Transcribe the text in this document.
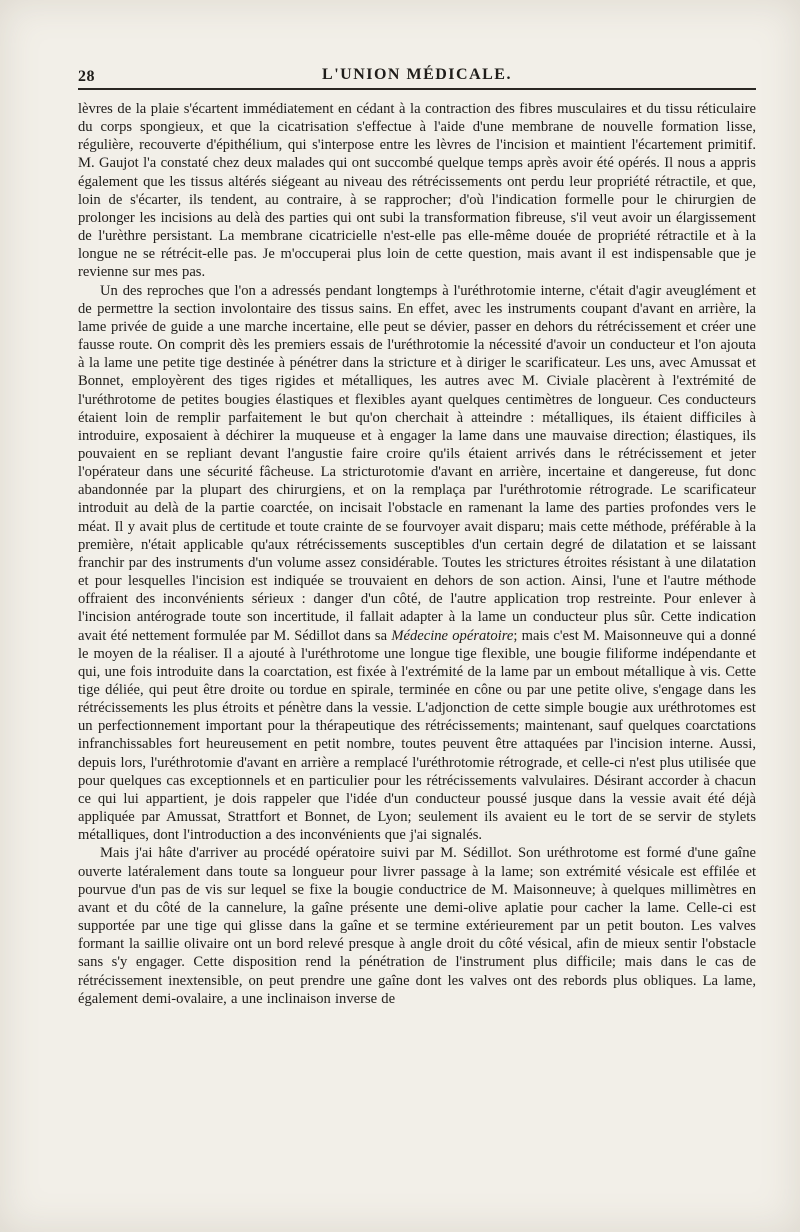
28	L'UNION MÉDICALE.

lèvres de la plaie s'écartent immédiatement en cédant à la contraction des fibres musculaires et du tissu réticulaire du corps spongieux, et que la cicatrisation s'effectue à l'aide d'une membrane de nouvelle formation lisse, régulière, recouverte d'épithélium, qui s'interpose entre les lèvres de l'incision et maintient l'écartement primitif. M. Gaujot l'a constaté chez deux malades qui ont succombé quelque temps après avoir été opérés. Il nous a appris également que les tissus altérés siégeant au niveau des rétrécissements ont perdu leur propriété rétractile, et que, loin de s'écarter, ils tendent, au contraire, à se rapprocher; d'où l'indication formelle pour le chirurgien de prolonger les incisions au delà des parties qui ont subi la transformation fibreuse, s'il veut avoir un élargissement de l'urèthre persistant. La membrane cicatricielle n'est-elle pas elle-même douée de propriété rétractile et à la longue ne se rétrécit-elle pas. Je m'occuperai plus loin de cette question, mais avant il est indispensable que je revienne sur mes pas.

Un des reproches que l'on a adressés pendant longtemps à l'uréthrotomie interne, c'était d'agir aveuglément et de permettre la section involontaire des tissus sains. En effet, avec les instruments coupant d'avant en arrière, la lame privée de guide a une marche incertaine, elle peut se dévier, passer en dehors du rétrécissement et créer une fausse route. On comprit dès les premiers essais de l'uréthrotomie la nécessité d'avoir un conducteur et l'on ajouta à la lame une petite tige destinée à pénétrer dans la stricture et à diriger le scarificateur. Les uns, avec Amussat et Bonnet, employèrent des tiges rigides et métalliques, les autres avec M. Civiale placèrent à l'extrémité de l'uréthrotome de petites bougies élastiques et flexibles ayant quelques centimètres de longueur. Ces conducteurs étaient loin de remplir parfaitement le but qu'on cherchait à atteindre : métalliques, ils étaient difficiles à introduire, exposaient à déchirer la muqueuse et à engager la lame dans une mauvaise direction; élastiques, ils pouvaient en se repliant devant l'angustie faire croire qu'ils étaient arrivés dans le rétrécissement et jeter l'opérateur dans une sécurité fâcheuse. La stricturotomie d'avant en arrière, incertaine et dangereuse, fut donc abandonnée par la plupart des chirurgiens, et on la remplaça par l'uréthrotomie rétrograde. Le scarificateur introduit au delà de la partie coarctée, on incisait l'obstacle en ramenant la lame des parties profondes vers le méat. Il y avait plus de certitude et toute crainte de se fourvoyer avait disparu; mais cette méthode, préférable à la première, n'était applicable qu'aux rétrécissements susceptibles d'un certain degré de dilatation et se laissant franchir par des instruments d'un volume assez considérable. Toutes les strictures étroites résistant à une dilatation et pour lesquelles l'incision est indiquée se trouvaient en dehors de son action. Ainsi, l'une et l'autre méthode offraient des inconvénients sérieux : danger d'un côté, de l'autre application trop restreinte. Pour enlever à l'incision antérograde toute son incertitude, il fallait adapter à la lame un conducteur plus sûr. Cette indication avait été nettement formulée par M. Sédillot dans sa Médecine opératoire; mais c'est M. Maisonneuve qui a donné le moyen de la réaliser. Il a ajouté à l'uréthrotome une longue tige flexible, une bougie filiforme indépendante et qui, une fois introduite dans la coarctation, est fixée à l'extrémité de la lame par un embout métallique à vis. Cette tige déliée, qui peut être droite ou tordue en spirale, terminée en cône ou par une petite olive, s'engage dans les rétrécissements les plus étroits et pénètre dans la vessie. L'adjonction de cette simple bougie aux uréthrotomes est un perfectionnement important pour la thérapeutique des rétrécissements; maintenant, sauf quelques coarctations infranchissables fort heureusement en petit nombre, toutes peuvent être attaquées par l'incision interne. Aussi, depuis lors, l'uréthrotomie d'avant en arrière a remplacé l'uréthrotomie rétrograde, et celle-ci n'est plus utilisée que pour quelques cas exceptionnels et en particulier pour les rétrécissements valvulaires. Désirant accorder à chacun ce qui lui appartient, je dois rappeler que l'idée d'un conducteur poussé jusque dans la vessie avait été déjà appliquée par Amussat, Strattfort et Bonnet, de Lyon; seulement ils avaient eu le tort de se servir de stylets métalliques, dont l'introduction a des inconvénients que j'ai signalés.

Mais j'ai hâte d'arriver au procédé opératoire suivi par M. Sédillot. Son uréthrotome est formé d'une gaîne ouverte latéralement dans toute sa longueur pour livrer passage à la lame; son extrémité vésicale est effilée et pourvue d'un pas de vis sur lequel se fixe la bougie conductrice de M. Maisonneuve; à quelques millimètres en avant et du côté de la cannelure, la gaîne présente une demi-olive aplatie pour cacher la lame. Celle-ci est supportée par une tige qui glisse dans la gaîne et se termine extérieurement par un petit bouton. Les valves formant la saillie olivaire ont un bord relevé presque à angle droit du côté vésical, afin de mieux sentir l'obstacle sans s'y engager. Cette disposition rend la pénétration de l'instrument plus difficile; mais dans le cas de rétrécissement inextensible, on peut prendre une gaîne dont les valves ont des rebords plus obliques. La lame, également demi-ovalaire, a une inclinaison inverse de
